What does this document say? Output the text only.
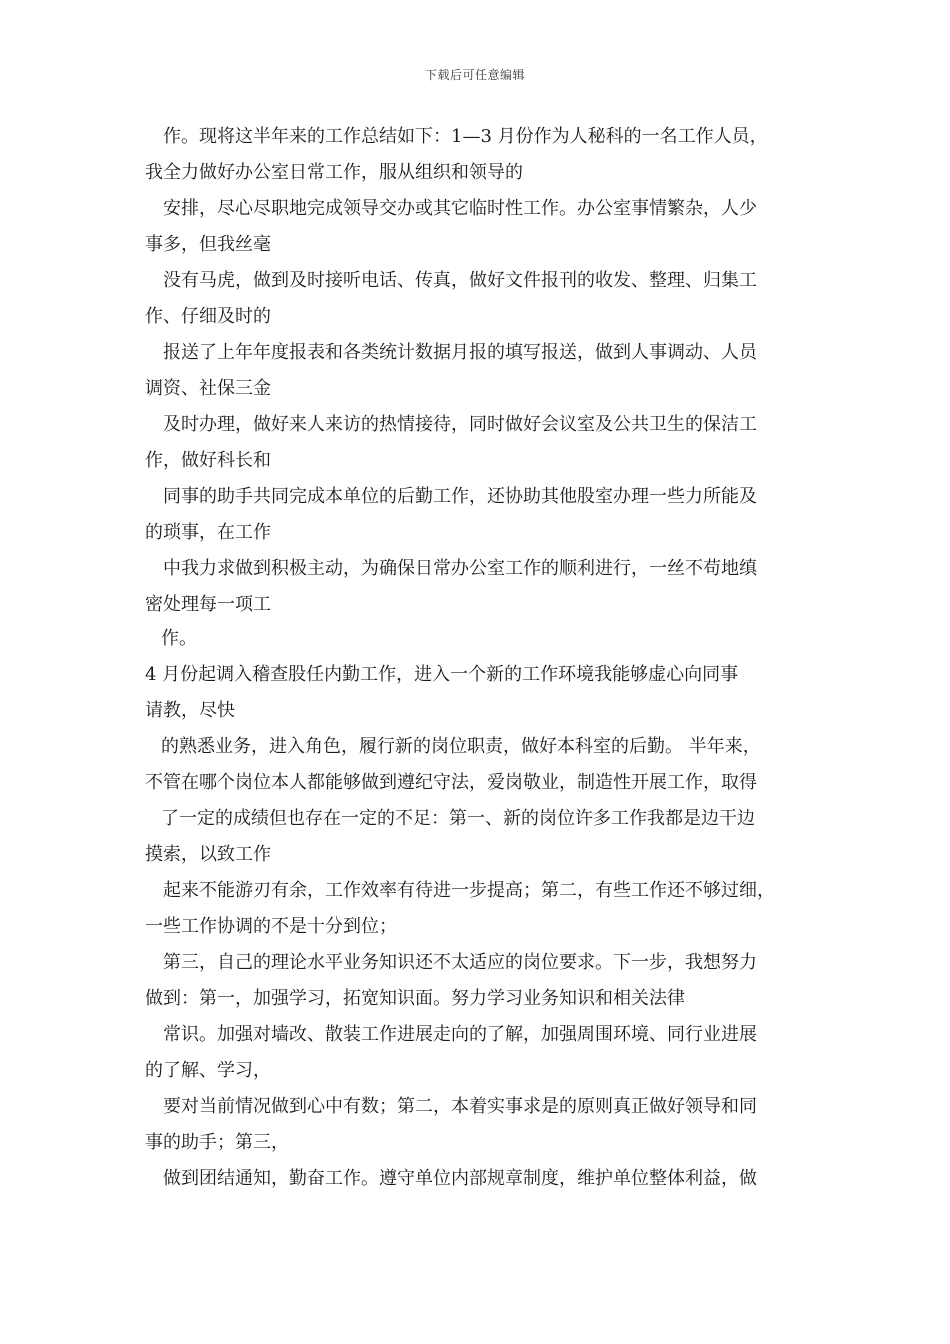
下载后可任意编辑
作。现将这半年来的工作总结如下：1—3 月份作为人秘科的一名工作人员，
我全力做好办公室日常工作，服从组织和领导的
安排，尽心尽职地完成领导交办或其它临时性工作。办公室事情繁杂，人少
事多，但我丝毫
没有马虎，做到及时接听电话、传真，做好文件报刊的收发、整理、归集工
作、仔细及时的
报送了上年年度报表和各类统计数据月报的填写报送，做到人事调动、人员
调资、社保三金
及时办理，做好来人来访的热情接待，同时做好会议室及公共卫生的保洁工
作，做好科长和
同事的助手共同完成本单位的后勤工作，还协助其他股室办理一些力所能及
的琐事，在工作
中我力求做到积极主动，为确保日常办公室工作的顺利进行，一丝不苟地缜
密处理每一项工
作。
4 月份起调入稽查股任内勤工作，进入一个新的工作环境我能够虚心向同事
请教，尽快
的熟悉业务，进入角色，履行新的岗位职责，做好本科室的后勤。 半年来，
不管在哪个岗位本人都能够做到遵纪守法，爱岗敬业，制造性开展工作，取得
了一定的成绩但也存在一定的不足：第一、新的岗位许多工作我都是边干边
摸索，以致工作
起来不能游刃有余，工作效率有待进一步提高；第二，有些工作还不够过细，
一些工作协调的不是十分到位；
第三，自己的理论水平业务知识还不太适应的岗位要求。下一步，我想努力
做到：第一，加强学习，拓宽知识面。努力学习业务知识和相关法律
常识。加强对墙改、散装工作进展走向的了解，加强周围环境、同行业进展
的了解、学习，
要对当前情况做到心中有数；第二，本着实事求是的原则真正做好领导和同
事的助手；第三，
做到团结通知，勤奋工作。遵守单位内部规章制度，维护单位整体利益，做
